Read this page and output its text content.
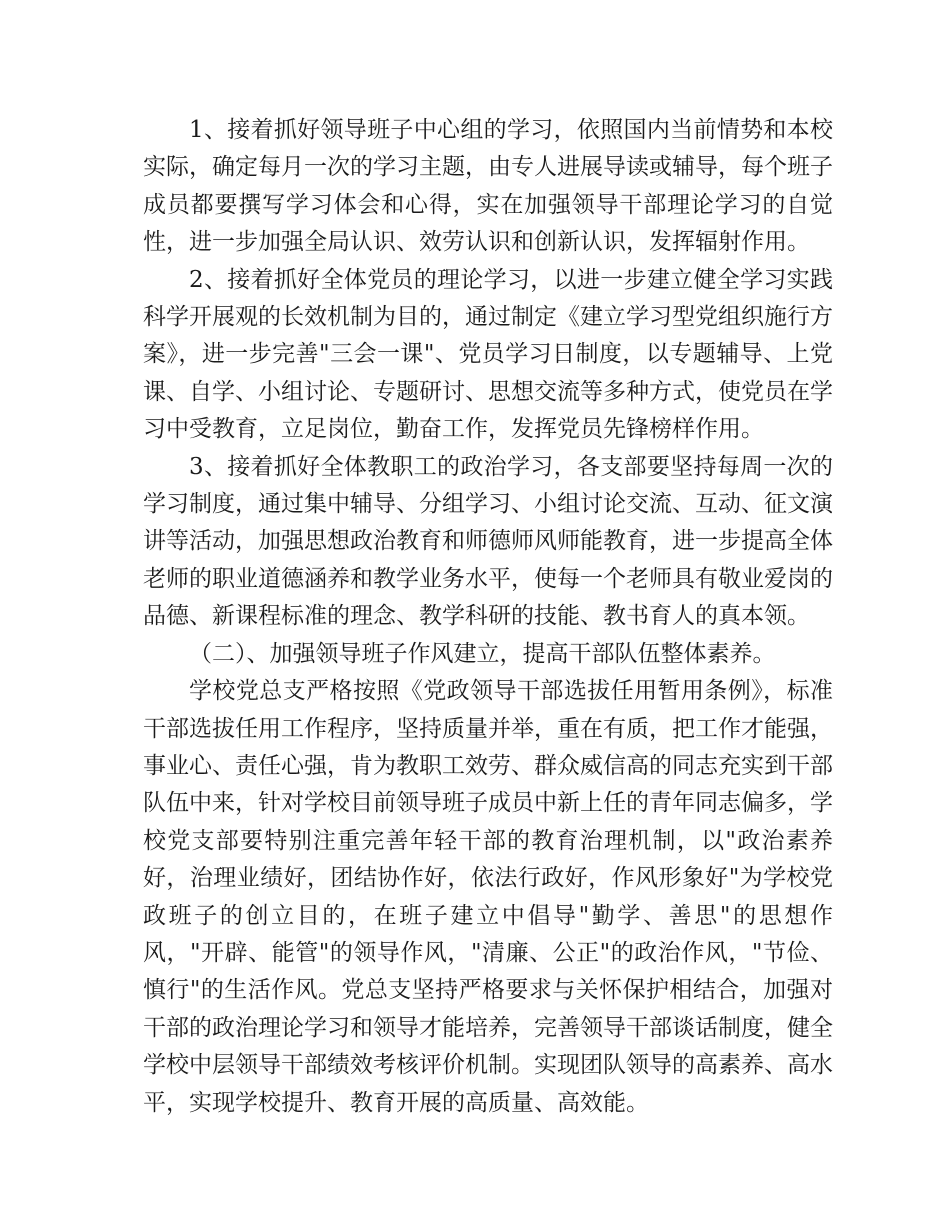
1、接着抓好领导班子中心组的学习，依照国内当前情势和本校实际，确定每月一次的学习主题，由专人进展导读或辅导，每个班子成员都要撰写学习体会和心得，实在加强领导干部理论学习的自觉性，进一步加强全局认识、效劳认识和创新认识，发挥辐射作用。

2、接着抓好全体党员的理论学习，以进一步建立健全学习实践科学开展观的长效机制为目的，通过制定《建立学习型党组织施行方案》，进一步完善"三会一课"、党员学习日制度，以专题辅导、上党课、自学、小组讨论、专题研讨、思想交流等多种方式，使党员在学习中受教育，立足岗位，勤奋工作，发挥党员先锋榜样作用。

3、接着抓好全体教职工的政治学习，各支部要坚持每周一次的学习制度，通过集中辅导、分组学习、小组讨论交流、互动、征文演讲等活动，加强思想政治教育和师德师风师能教育，进一步提高全体老师的职业道德涵养和教学业务水平，使每一个老师具有敬业爱岗的品德、新课程标准的理念、教学科研的技能、教书育人的真本领。

（二）、加强领导班子作风建立，提高干部队伍整体素养。

学校党总支严格按照《党政领导干部选拔任用暂用条例》，标准干部选拔任用工作程序，坚持质量并举，重在有质，把工作才能强，事业心、责任心强，肯为教职工效劳、群众威信高的同志充实到干部队伍中来，针对学校目前领导班子成员中新上任的青年同志偏多，学校党支部要特别注重完善年轻干部的教育治理机制，以"政治素养好，治理业绩好，团结协作好，依法行政好，作风形象好"为学校党政班子的创立目的，在班子建立中倡导"勤学、善思"的思想作风，"开辟、能管"的领导作风，"清廉、公正"的政治作风，"节俭、慎行"的生活作风。党总支坚持严格要求与关怀保护相结合，加强对干部的政治理论学习和领导才能培养，完善领导干部谈话制度，健全学校中层领导干部绩效考核评价机制。实现团队领导的高素养、高水平，实现学校提升、教育开展的高质量、高效能。
